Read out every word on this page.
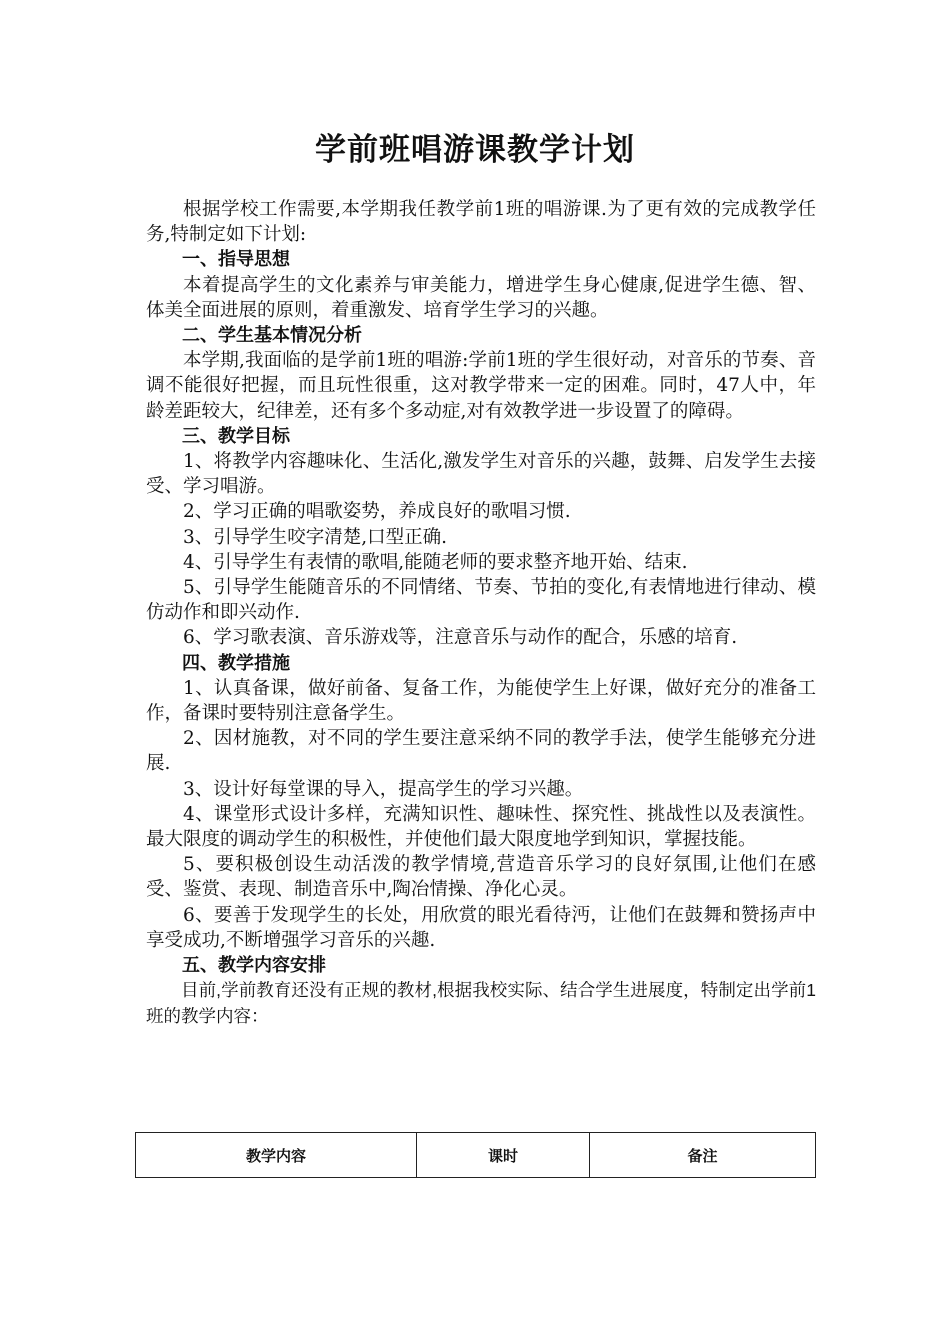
学前班唱游课教学计划

根据学校工作需要,本学期我任教学前1班的唱游课.为了更有效的完成教学任务,特制定如下计划:

一、指导思想

本着提高学生的文化素养与审美能力，增进学生身心健康,促进学生德、智、体美全面进展的原则，着重激发、培育学生学习的兴趣。

二、学生基本情况分析

本学期,我面临的是学前1班的唱游:学前1班的学生很好动，对音乐的节奏、音调不能很好把握，而且玩性很重，这对教学带来一定的困难。同时，47人中，年龄差距较大，纪律差，还有多个多动症,对有效教学进一步设置了的障碍。

三、教学目标

1、将教学内容趣味化、生活化,激发学生对音乐的兴趣，鼓舞、启发学生去接受、学习唱游。

2、学习正确的唱歌姿势，养成良好的歌唱习惯.

3、引导学生咬字清楚,口型正确.

4、引导学生有表情的歌唱,能随老师的要求整齐地开始、结束.

5、引导学生能随音乐的不同情绪、节奏、节拍的变化,有表情地进行律动、模仿动作和即兴动作.

6、学习歌表演、音乐游戏等，注意音乐与动作的配合，乐感的培育.

四、教学措施

1、认真备课，做好前备、复备工作，为能使学生上好课，做好充分的准备工作，备课时要特别注意备学生。

2、因材施教，对不同的学生要注意采纳不同的教学手法，使学生能够充分进展.

3、设计好每堂课的导入，提高学生的学习兴趣。

4、课堂形式设计多样，充满知识性、趣味性、探究性、挑战性以及表演性。最大限度的调动学生的积极性，并使他们最大限度地学到知识，掌握技能。

5、要积极创设生动活泼的教学情境,营造音乐学习的良好氛围,让他们在感受、鉴赏、表现、制造音乐中,陶冶情操、净化心灵。

6、要善于发现学生的长处，用欣赏的眼光看待沔，让他们在鼓舞和赞扬声中享受成功,不断增强学习音乐的兴趣.

五、教学内容安排

目前,学前教育还没有正规的教材,根据我校实际、结合学生进展度，特制定出学前1班的教学内容：

教学内容	课时	备注
